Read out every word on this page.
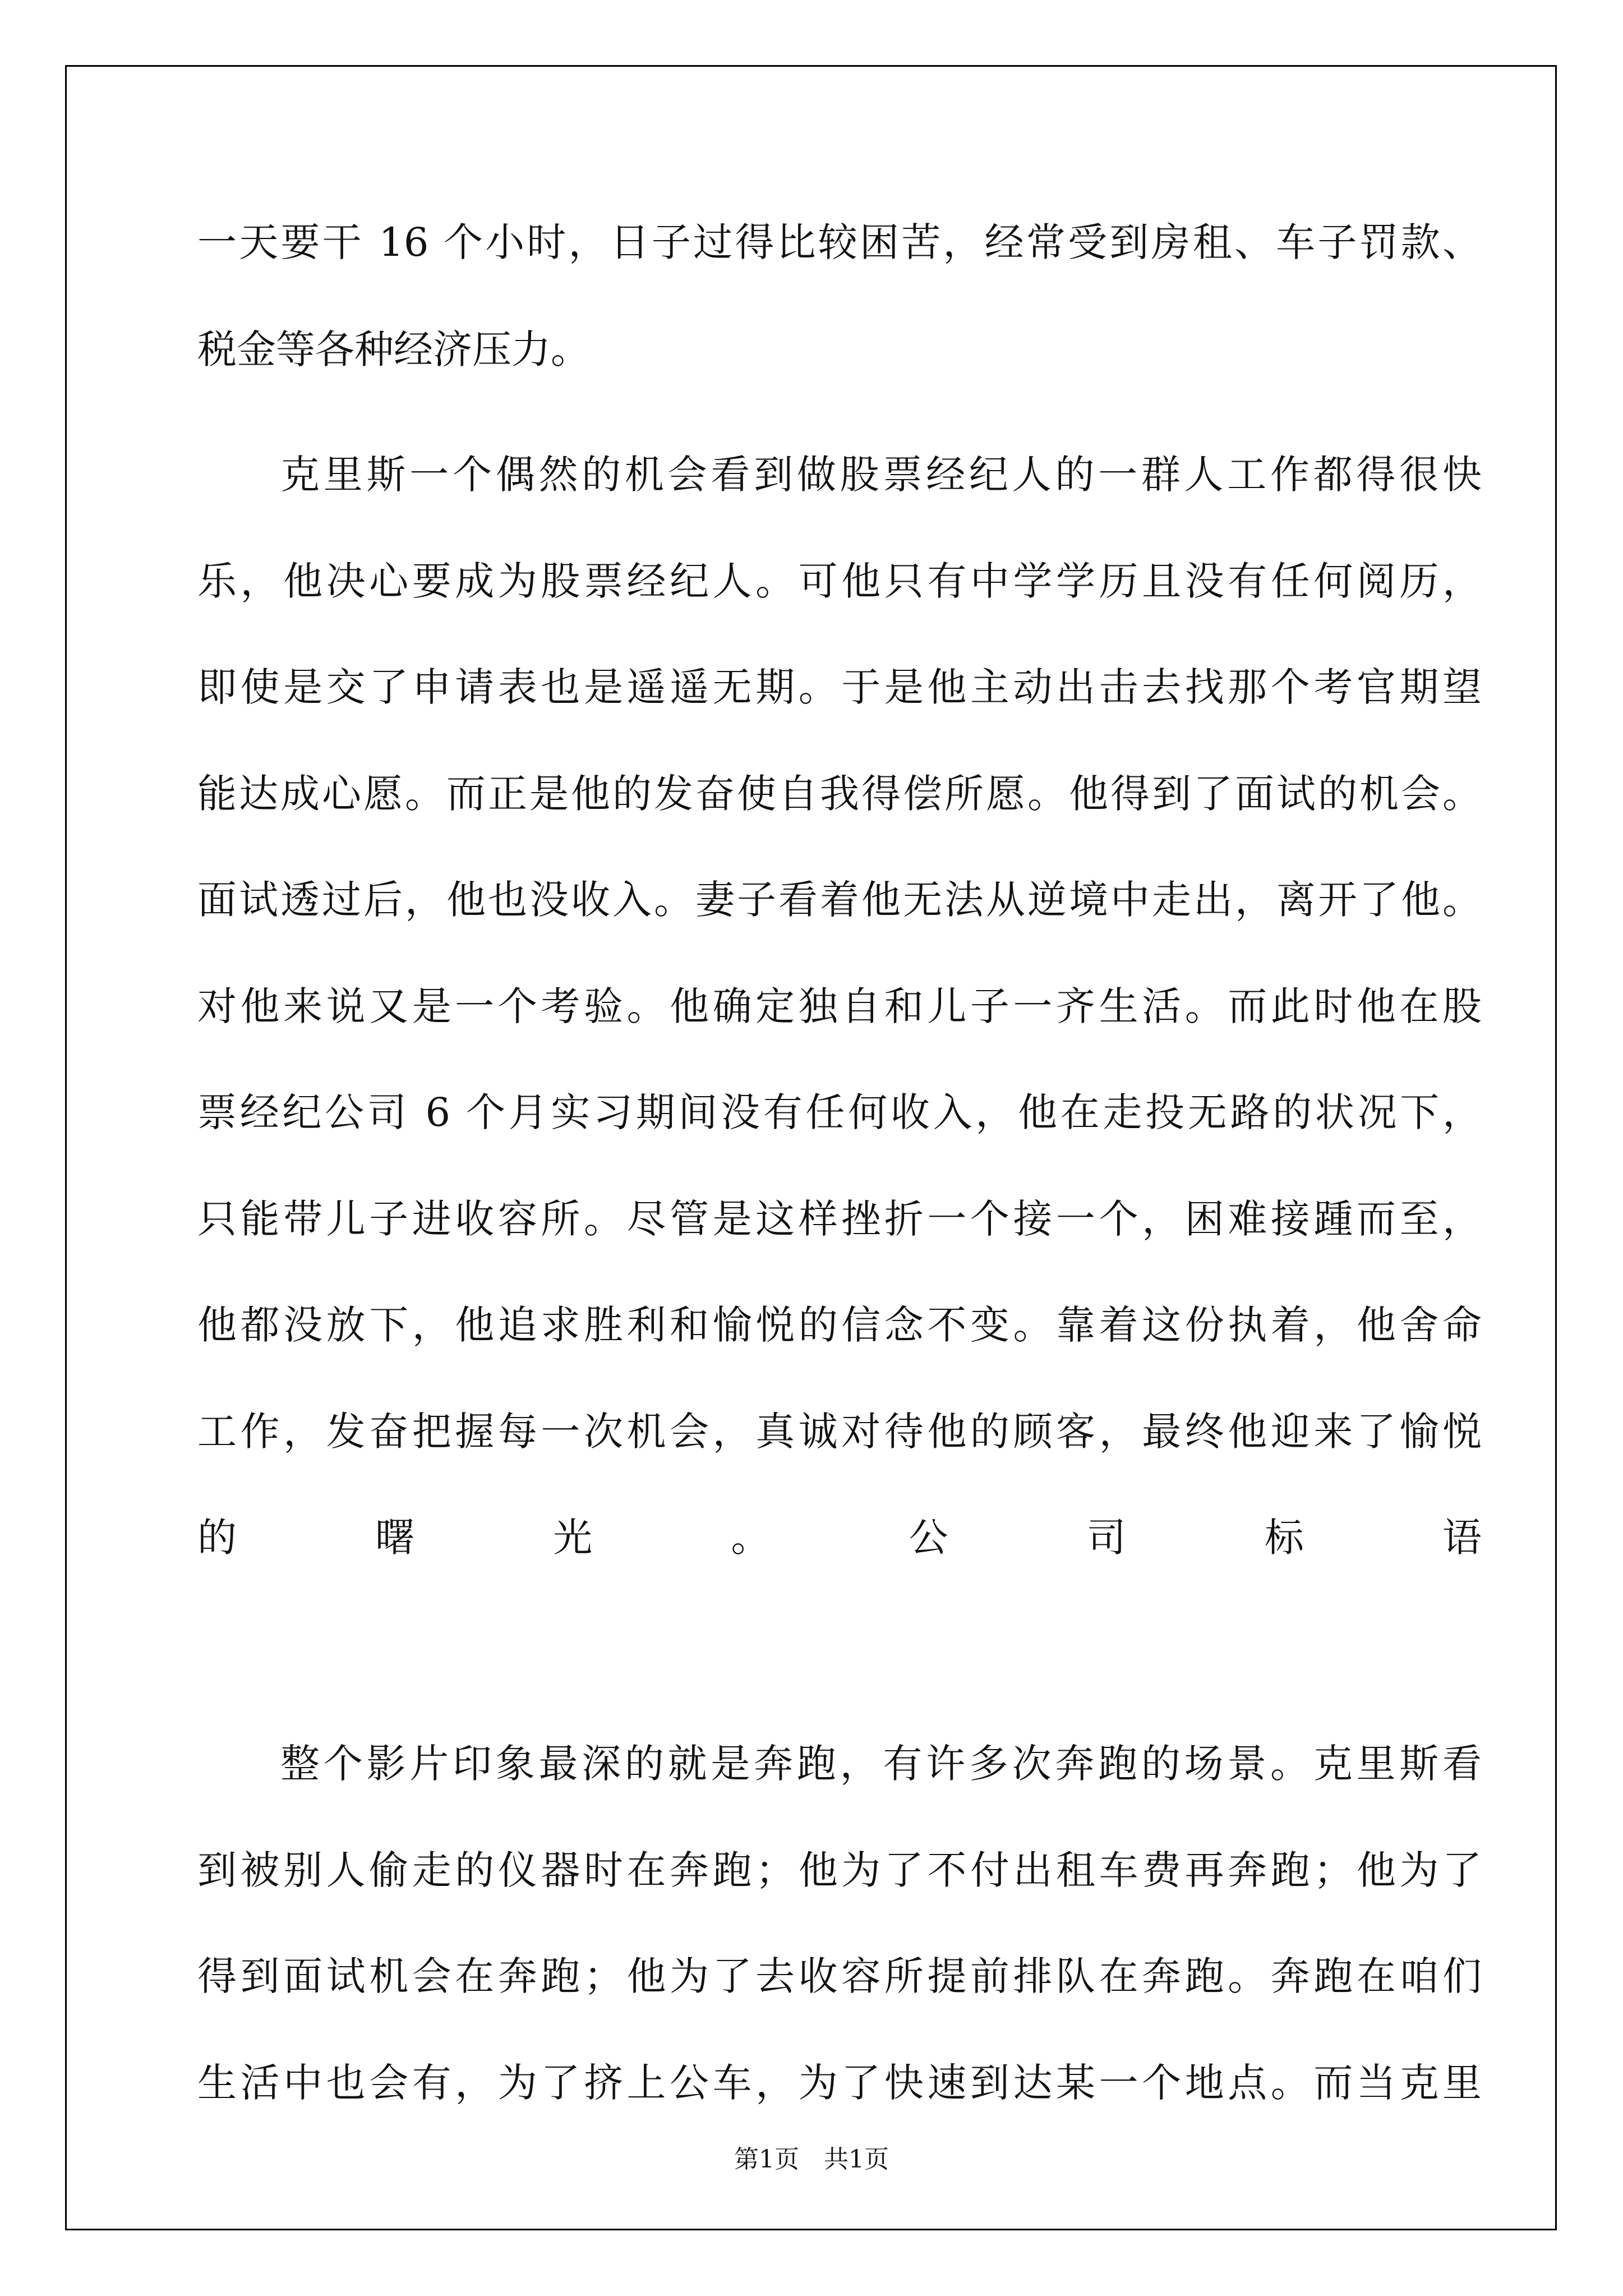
一天要干 16 个小时，日子过得比较困苦，经常受到房租、车子罚款、
税金等各种经济压力。
克里斯一个偶然的机会看到做股票经纪人的一群人工作都得很快
乐，他决心要成为股票经纪人。可他只有中学学历且没有任何阅历，
即使是交了申请表也是遥遥无期。于是他主动出击去找那个考官期望
能达成心愿。而正是他的发奋使自我得偿所愿。他得到了面试的机会。
面试透过后，他也没收入。妻子看着他无法从逆境中走出，离开了他。
对他来说又是一个考验。他确定独自和儿子一齐生活。而此时他在股
票经纪公司 6 个月实习期间没有任何收入，他在走投无路的状况下，
只能带儿子进收容所。尽管是这样挫折一个接一个，困难接踵而至，
他都没放下，他追求胜利和愉悦的信念不变。靠着这份执着，他舍命
工作，发奋把握每一次机会，真诚对待他的顾客，最终他迎来了愉悦
的曙光。公司标语
整个影片印象最深的就是奔跑，有许多次奔跑的场景。克里斯看
到被别人偷走的仪器时在奔跑；他为了不付出租车费再奔跑；他为了
得到面试机会在奔跑；他为了去收容所提前排队在奔跑。奔跑在咱们
生活中也会有，为了挤上公车，为了快速到达某一个地点。而当克里
第1页　共1页
